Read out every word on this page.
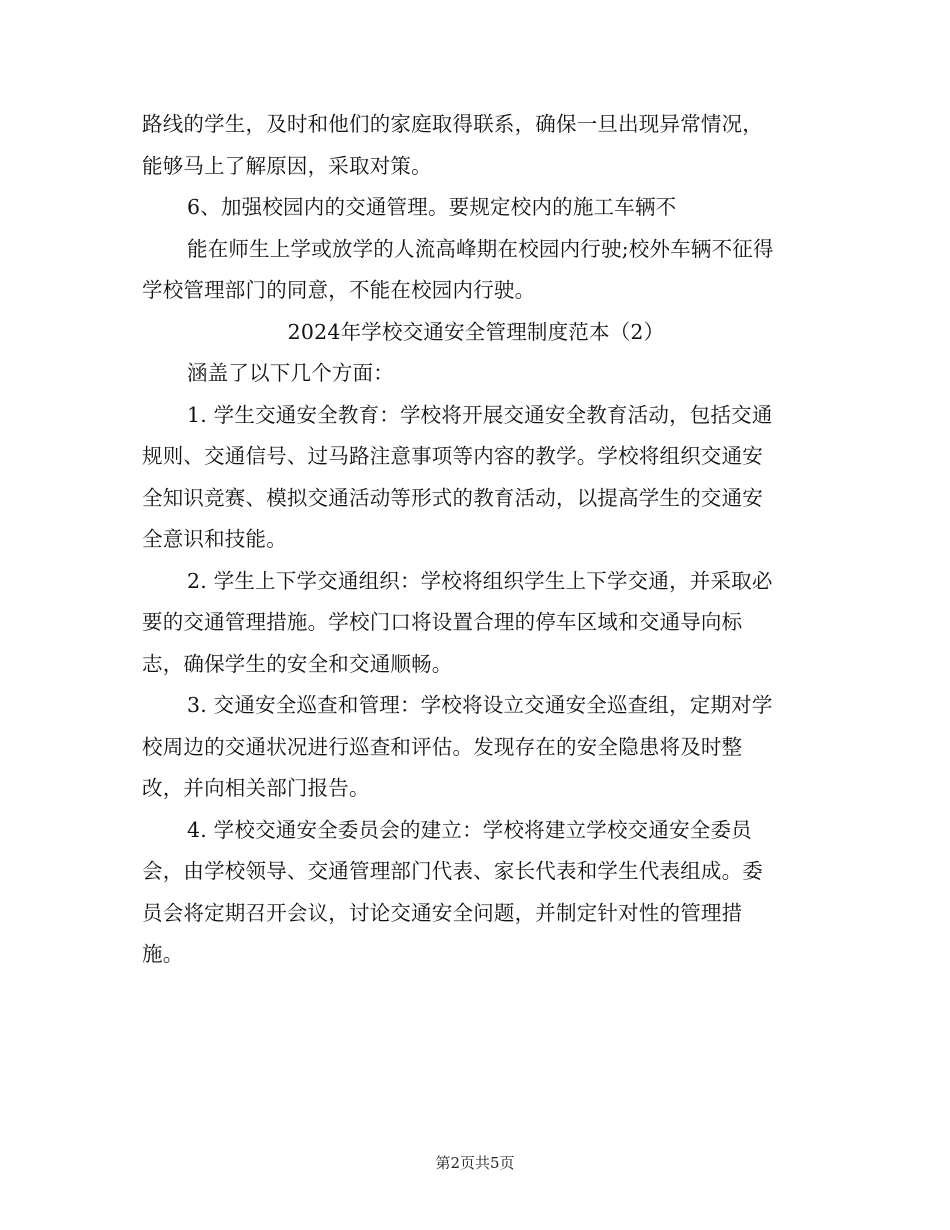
路线的学生，及时和他们的家庭取得联系，确保一旦出现异常情况，
能够马上了解原因，采取对策。
6、加强校园内的交通管理。要规定校内的施工车辆不
能在师生上学或放学的人流高峰期在校园内行驶;校外车辆不征得
学校管理部门的同意，不能在校园内行驶。
2024年学校交通安全管理制度范本（2）
涵盖了以下几个方面：
1. 学生交通安全教育：学校将开展交通安全教育活动，包括交通
规则、交通信号、过马路注意事项等内容的教学。学校将组织交通安
全知识竞赛、模拟交通活动等形式的教育活动，以提高学生的交通安
全意识和技能。
2. 学生上下学交通组织：学校将组织学生上下学交通，并采取必
要的交通管理措施。学校门口将设置合理的停车区域和交通导向标
志，确保学生的安全和交通顺畅。
3. 交通安全巡查和管理：学校将设立交通安全巡查组，定期对学
校周边的交通状况进行巡查和评估。发现存在的安全隐患将及时整
改，并向相关部门报告。
4. 学校交通安全委员会的建立：学校将建立学校交通安全委员
会，由学校领导、交通管理部门代表、家长代表和学生代表组成。委
员会将定期召开会议，讨论交通安全问题，并制定针对性的管理措
施。
第2页共5页
